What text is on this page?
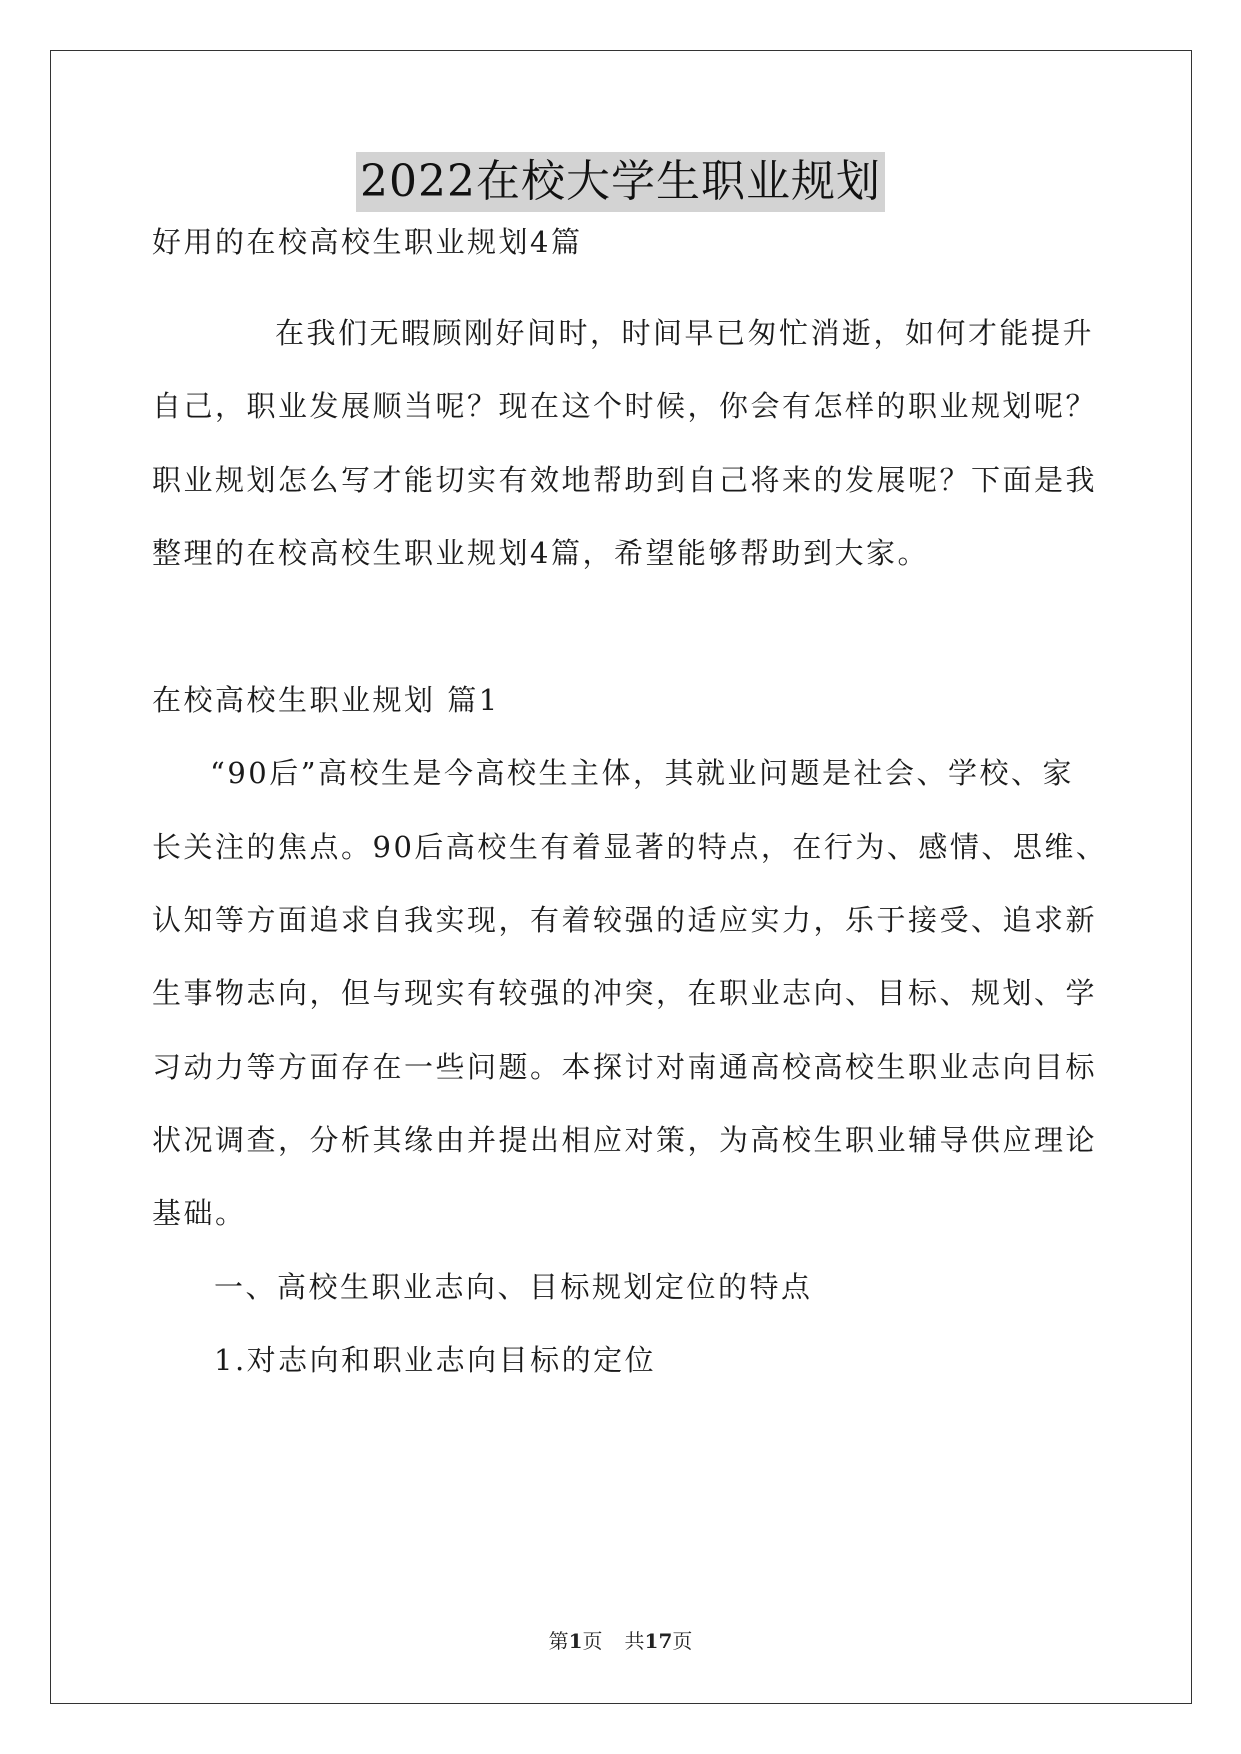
2022在校大学生职业规划
好用的在校高校生职业规划4篇
在我们无暇顾刚好间时，时间早已匆忙消逝，如何才能提升
自己，职业发展顺当呢？现在这个时候，你会有怎样的职业规划呢？
职业规划怎么写才能切实有效地帮助到自己将来的发展呢？下面是我
整理的在校高校生职业规划4篇，希望能够帮助到大家。
在校高校生职业规划 篇1
“90后”高校生是今高校生主体，其就业问题是社会、学校、家
长关注的焦点。90后高校生有着显著的特点，在行为、感情、思维、
认知等方面追求自我实现，有着较强的适应实力，乐于接受、追求新
生事物志向，但与现实有较强的冲突，在职业志向、目标、规划、学
习动力等方面存在一些问题。本探讨对南通高校高校生职业志向目标
状况调查，分析其缘由并提出相应对策，为高校生职业辅导供应理论
基础。
一、高校生职业志向、目标规划定位的特点
1.对志向和职业志向目标的定位
第1页 共17页
